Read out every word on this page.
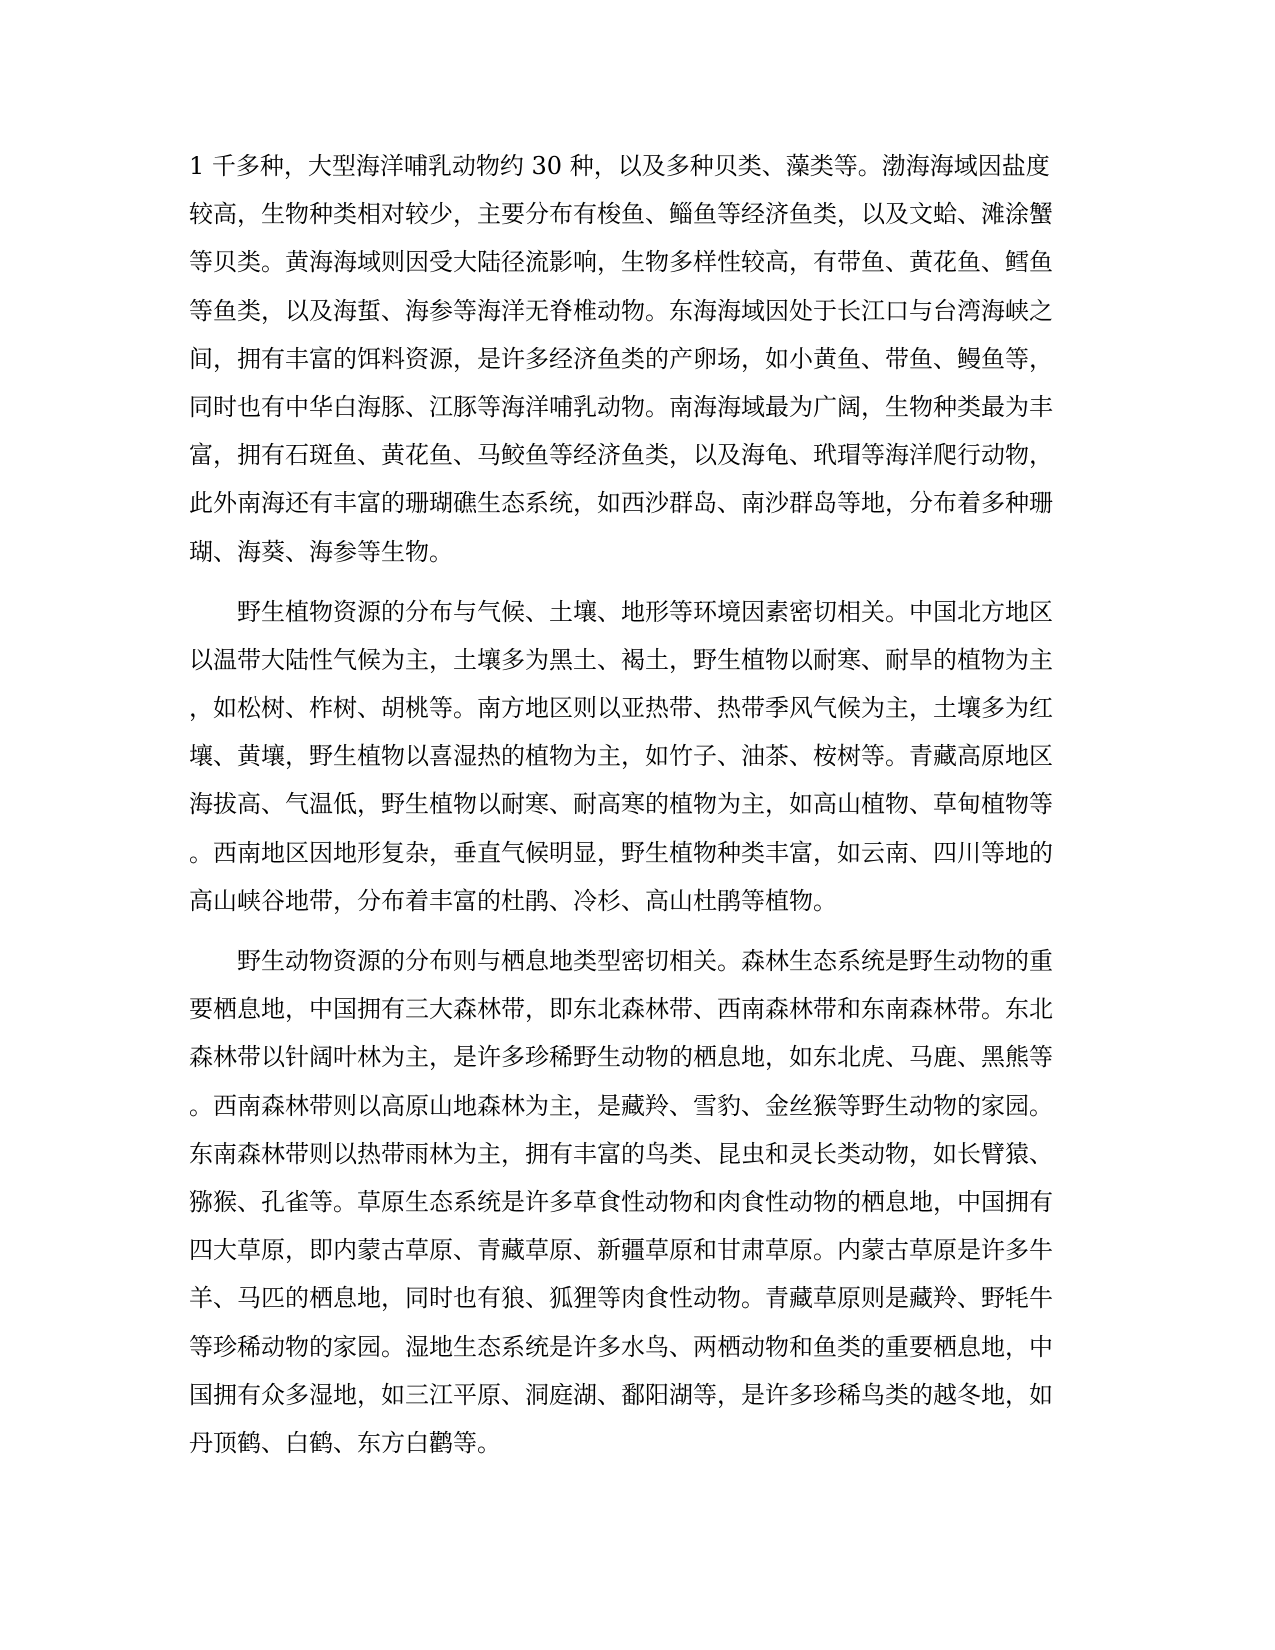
1 千多种，大型海洋哺乳动物约 30 种，以及多种贝类、藻类等。渤海海域因盐度
较高，生物种类相对较少，主要分布有梭鱼、鲻鱼等经济鱼类，以及文蛤、滩涂蟹
等贝类。黄海海域则因受大陆径流影响，生物多样性较高，有带鱼、黄花鱼、鳕鱼
等鱼类，以及海蜇、海参等海洋无脊椎动物。东海海域因处于长江口与台湾海峡之
间，拥有丰富的饵料资源，是许多经济鱼类的产卵场，如小黄鱼、带鱼、鳗鱼等，
同时也有中华白海豚、江豚等海洋哺乳动物。南海海域最为广阔，生物种类最为丰
富，拥有石斑鱼、黄花鱼、马鲛鱼等经济鱼类，以及海龟、玳瑁等海洋爬行动物，
此外南海还有丰富的珊瑚礁生态系统，如西沙群岛、南沙群岛等地，分布着多种珊
瑚、海葵、海参等生物。
　　野生植物资源的分布与气候、土壤、地形等环境因素密切相关。中国北方地区
以温带大陆性气候为主，土壤多为黑土、褐土，野生植物以耐寒、耐旱的植物为主
，如松树、柞树、胡桃等。南方地区则以亚热带、热带季风气候为主，土壤多为红
壤、黄壤，野生植物以喜湿热的植物为主，如竹子、油茶、桉树等。青藏高原地区
海拔高、气温低，野生植物以耐寒、耐高寒的植物为主，如高山植物、草甸植物等
。西南地区因地形复杂，垂直气候明显，野生植物种类丰富，如云南、四川等地的
高山峡谷地带，分布着丰富的杜鹃、冷杉、高山杜鹃等植物。
　　野生动物资源的分布则与栖息地类型密切相关。森林生态系统是野生动物的重
要栖息地，中国拥有三大森林带，即东北森林带、西南森林带和东南森林带。东北
森林带以针阔叶林为主，是许多珍稀野生动物的栖息地，如东北虎、马鹿、黑熊等
。西南森林带则以高原山地森林为主，是藏羚、雪豹、金丝猴等野生动物的家园。
东南森林带则以热带雨林为主，拥有丰富的鸟类、昆虫和灵长类动物，如长臂猿、
猕猴、孔雀等。草原生态系统是许多草食性动物和肉食性动物的栖息地，中国拥有
四大草原，即内蒙古草原、青藏草原、新疆草原和甘肃草原。内蒙古草原是许多牛
羊、马匹的栖息地，同时也有狼、狐狸等肉食性动物。青藏草原则是藏羚、野牦牛
等珍稀动物的家园。湿地生态系统是许多水鸟、两栖动物和鱼类的重要栖息地，中
国拥有众多湿地，如三江平原、洞庭湖、鄱阳湖等，是许多珍稀鸟类的越冬地，如
丹顶鹤、白鹤、东方白鹳等。
